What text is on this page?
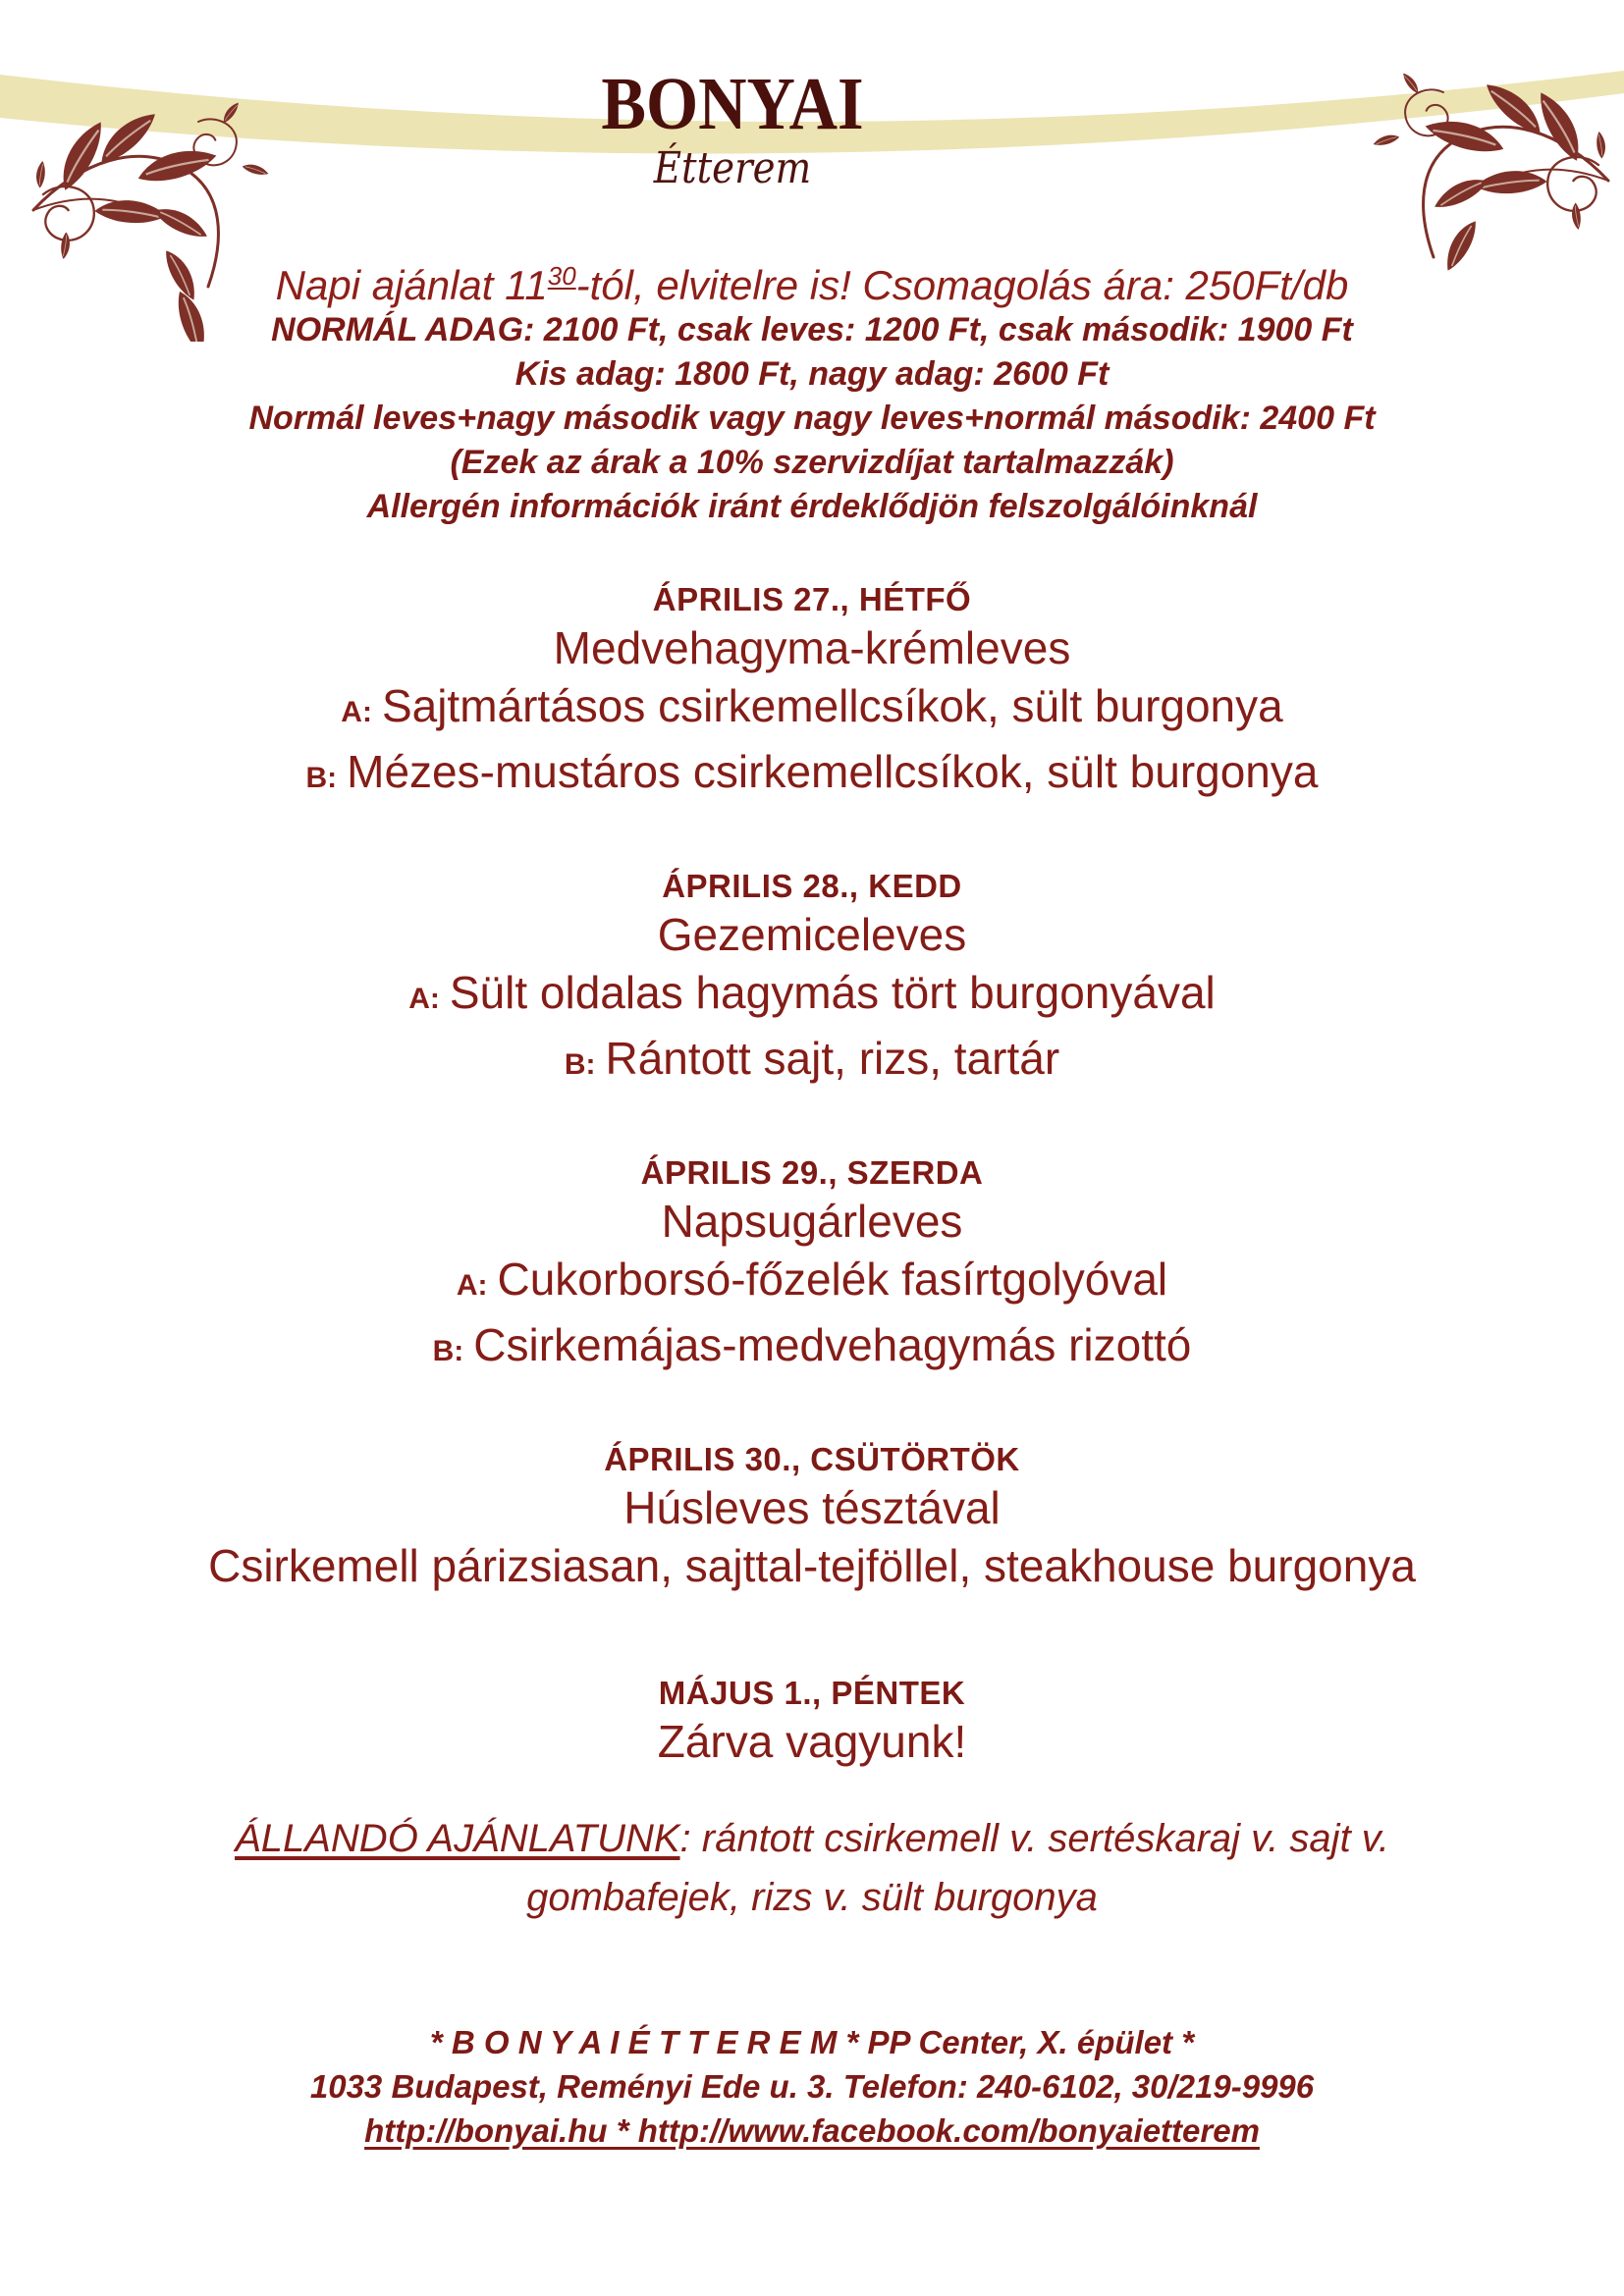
BONYAI
Étterem
Napi ajánlat $11^{30}$-tól, elvitelre is! Csomagolás ára: 250Ft/db
NORMÁL ADAG: 2100 Ft, csak leves: 1200 Ft, csak második: 1900 Ft
Kis adag: 1800 Ft, nagy adag: 2600 Ft
Normál leves+nagy második vagy nagy leves+normál második: 2400 Ft
(Ezek az árak a 10% szervizdíjat tartalmazzák)
Allergén információk iránt érdeklődjön felszolgálóinknál
ÁPRILIS 27., HÉTFŐ
Medvehagyma-krémleves
A: Sajtmártásos csirkemellcsíkok, sült burgonya
B: Mézes-mustáros csirkemellcsíkok, sült burgonya
ÁPRILIS 28., KEDD
Gezemiceleves
A: Sült oldalas hagymás tört burgonyával
B: Rántott sajt, rizs, tartár
ÁPRILIS 29., SZERDA
Napsugárleves
A: Cukorborsó-főzelék fasírtgolyóval
B: Csirkemájas-medvehagymás rizottó
ÁPRILIS 30., CSÜTÖRTÖK
Húsleves tésztával
Csirkemell párizsiasan, sajttal-tejföllel, steakhouse burgonya
MÁJUS 1., PÉNTEK
Zárva vagyunk!
ÁLLANDÓ AJÁNLATUNK: rántott csirkemell v. sertéskaraj v. sajt v. gombafejek, rizs v. sült burgonya
* B O N Y A I É T T E R E M * PP Center, X. épület *
1033 Budapest, Reményi Ede u. 3. Telefon: 240-6102, 30/219-9996
http://bonyai.hu * http://www.facebook.com/bonyaietterem
